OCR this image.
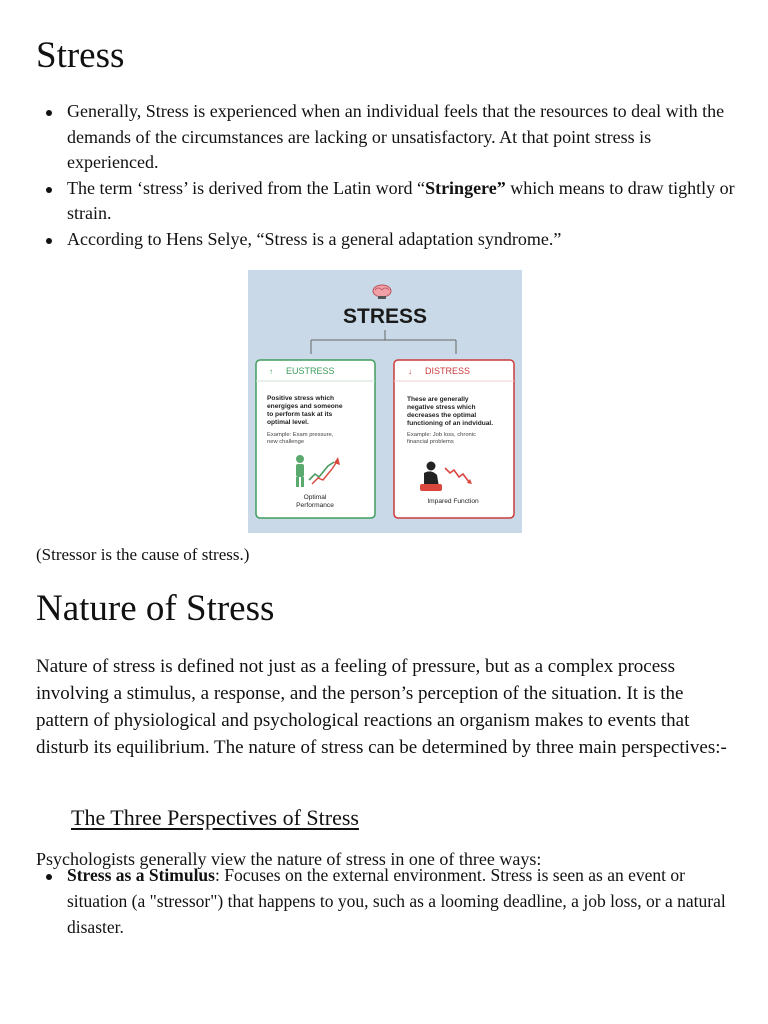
Stress
Generally, Stress is experienced when an individual feels that the resources to deal with the demands of the circumstances are lacking or unsatisfactory. At that point stress is experienced.
The term ‘stress’ is derived from the Latin word “Stringere” which means to draw tightly or strain.
According to Hens Selye, “Stress is a general adaptation syndrome.”
STRESS
↑ EUSTRESS
Positive stress which
energiges and someone
to perform task at its
optimal level.
Example: Exam pressure,
new challenge
Optimal
Performance
↓ DISTRESS
These are generally
negative stress which
decreases the optimal
functioning of an indvidual.
Example: Job loss, chronic
financial problems
Impared Function
(Stressor is the cause of stress.)
Nature of Stress

Nature of stress is defined not just as a feeling of pressure, but as a complex process involving a stimulus, a response, and the person’s perception of the situation. It is the pattern of physiological and psychological reactions an organism makes to events that disturb its equilibrium. The nature of stress can be determined by three main perspectives:-

The Three Perspectives of Stress
Psychologists generally view the nature of stress in one of three ways:
Stress as a Stimulus: Focuses on the external environment. Stress is seen as an event or situation (a "stressor") that happens to you, such as a looming deadline, a job loss, or a natural disaster.
